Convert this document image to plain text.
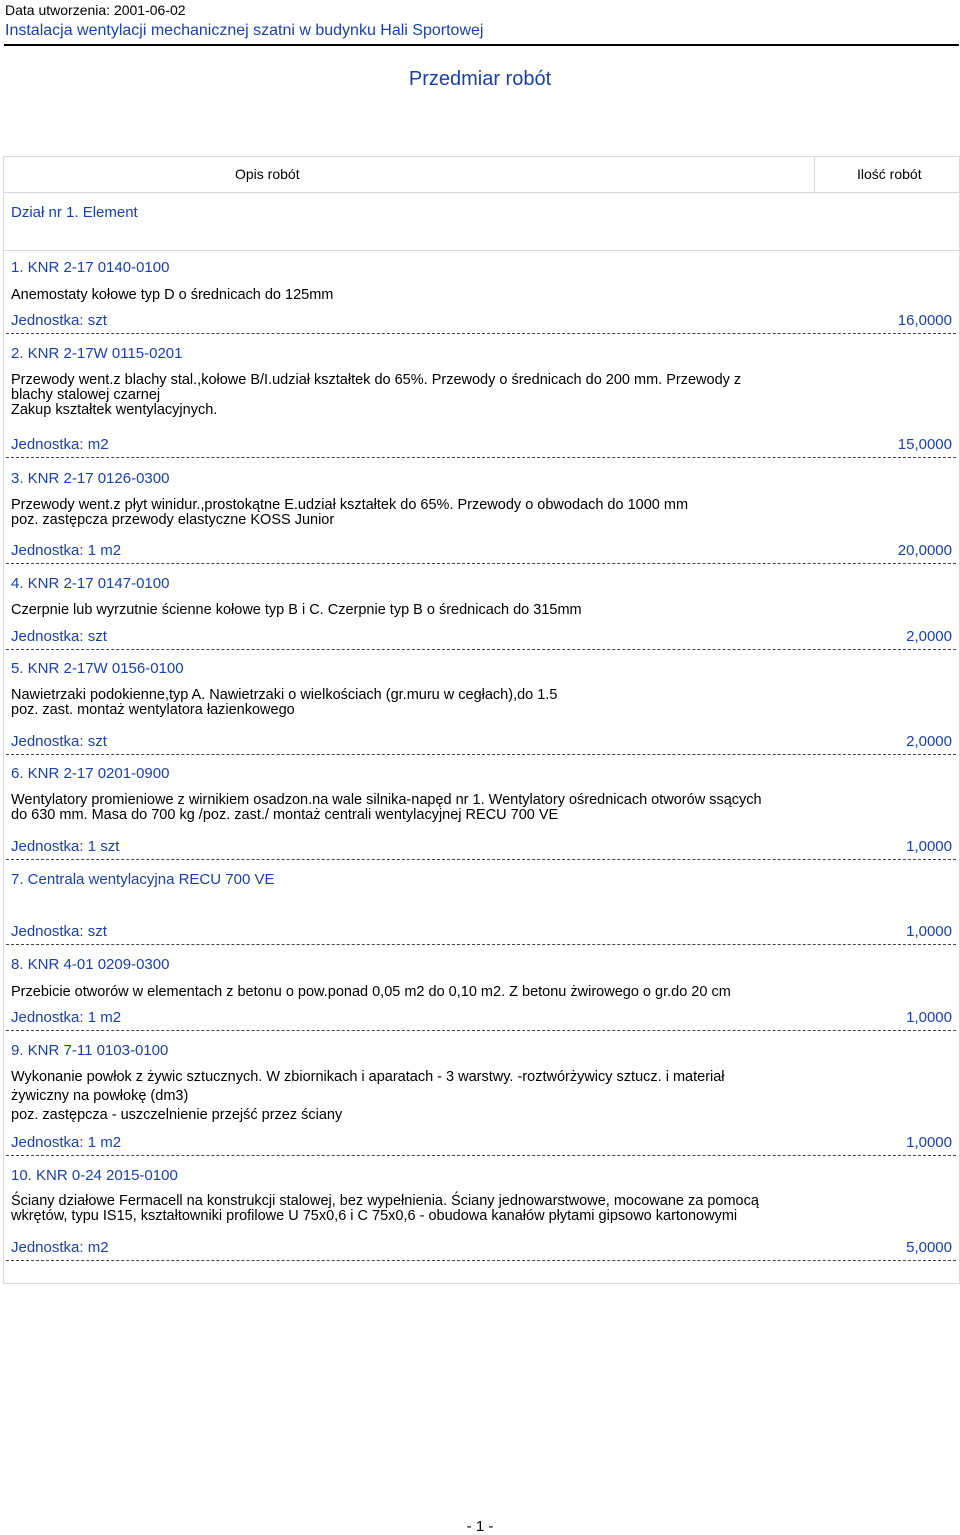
Data utworzenia: 2001-06-02
Instalacja wentylacji mechanicznej szatni w budynku Hali Sportowej
Przedmiar robót
Opis robót	Ilość robót
Dział nr 1. Element
1. KNR 2-17 0140-0100
Anemostaty kołowe typ D o średnicach do 125mm
Jednostka: szt	16,0000
2. KNR 2-17W 0115-0201
Przewody went.z blachy stal.,kołowe B/I.udział kształtek do 65%. Przewody o średnicach do 200 mm. Przewody z
blachy stalowej czarnej
Zakup kształtek wentylacyjnych.
Jednostka: m2	15,0000
3. KNR 2-17 0126-0300
Przewody went.z płyt winidur.,prostokątne E.udział kształtek do 65%. Przewody o obwodach do 1000 mm
poz. zastępcza przewody elastyczne KOSS Junior
Jednostka: 1 m2	20,0000
4. KNR 2-17 0147-0100
Czerpnie lub wyrzutnie ścienne kołowe typ B i C. Czerpnie typ B o średnicach do 315mm
Jednostka: szt	2,0000
5. KNR 2-17W 0156-0100
Nawietrzaki podokienne,typ A. Nawietrzaki o wielkościach (gr.muru w cegłach),do 1.5
poz. zast. montaż wentylatora łazienkowego
Jednostka: szt	2,0000
6. KNR 2-17 0201-0900
Wentylatory promieniowe z wirnikiem osadzon.na wale silnika-napęd nr 1. Wentylatory ośrednicach otworów ssących
do 630 mm. Masa do 700 kg /poz. zast./ montaż centrali wentylacyjnej RECU 700 VE
Jednostka: 1 szt	1,0000
7. Centrala wentylacyjna RECU 700 VE
Jednostka: szt	1,0000
8. KNR 4-01 0209-0300
Przebicie otworów w elementach z betonu o pow.ponad 0,05 m2 do 0,10 m2. Z betonu żwirowego o gr.do 20 cm
Jednostka: 1 m2	1,0000
9. KNR 7-11 0103-0100
Wykonanie powłok z żywic sztucznych. W zbiornikach i aparatach - 3 warstwy. -roztwórżywicy sztucz. i materiał
żywiczny na powłokę (dm3)
poz. zastępcza - uszczelnienie przejść przez ściany
Jednostka: 1 m2	1,0000
10. KNR 0-24 2015-0100
Ściany działowe Fermacell na konstrukcji stalowej, bez wypełnienia. Ściany jednowarstwowe, mocowane za pomocą
wkrętów, typu IS15, kształtowniki profilowe U 75x0,6 i C 75x0,6 - obudowa kanałów płytami gipsowo kartonowymi
Jednostka: m2	5,0000
- 1 -
